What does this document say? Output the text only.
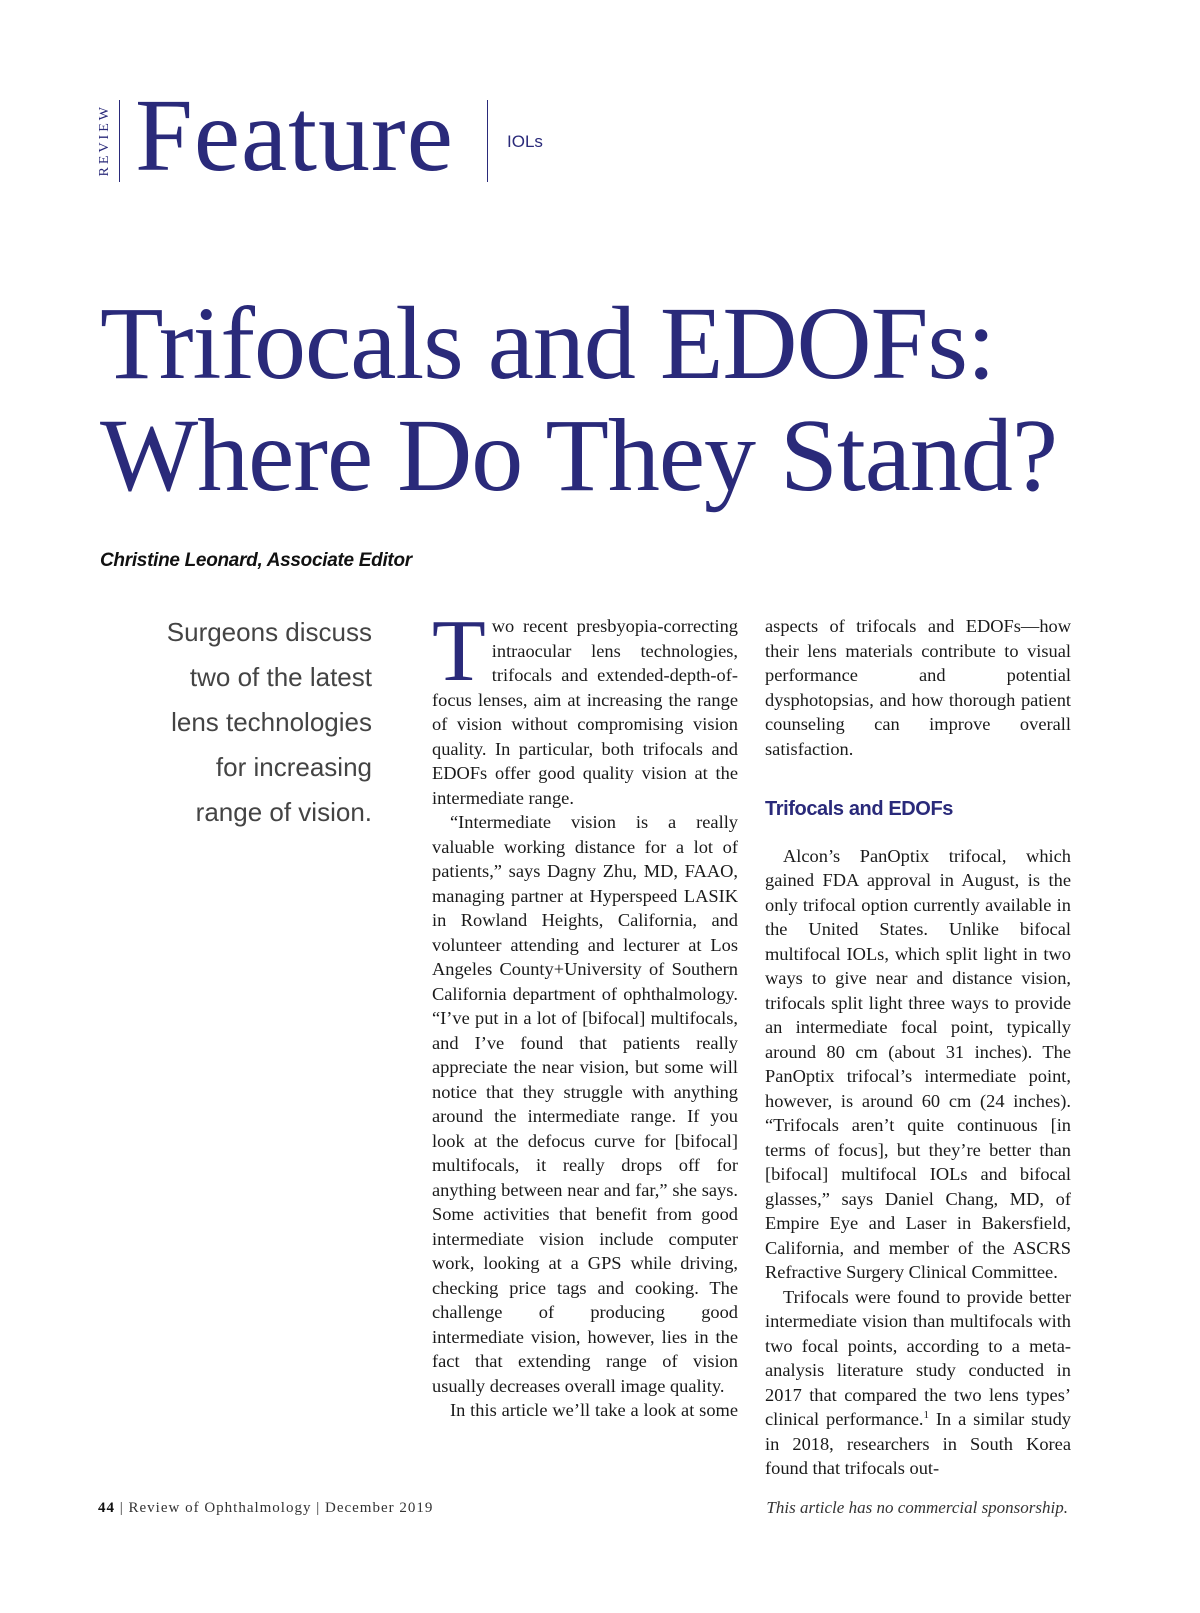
REVIEW Feature	IOLs
Trifocals and EDOFs:
Where Do They Stand?
Christine Leonard, Associate Editor
Surgeons discuss
two of the latest
lens technologies
for increasing
range of vision.

Two recent presbyopia-correcting intraocular lens technologies, trifocals and extended-depth-of-focus lenses, aim at increasing the range of vision without compromising vision quality. In particular, both trifocals and EDOFs offer good quality vision at the intermediate range.

“Intermediate vision is a really valuable working distance for a lot of patients,” says Dagny Zhu, MD, FAAO, managing partner at Hyperspeed LASIK in Rowland Heights, California, and volunteer attending and lecturer at Los Angeles County+University of Southern California department of ophthalmology. “I’ve put in a lot of [bifocal] multifocals, and I’ve found that patients really appreciate the near vision, but some will notice that they struggle with anything around the intermediate range. If you look at the defocus curve for [bifocal] multifocals, it really drops off for anything between near and far,” she says. Some activities that benefit from good intermediate vision include computer work, looking at a GPS while driving, checking price tags and cooking. The challenge of producing good intermediate vision, however, lies in the fact that extending range of vision usually decreases overall image quality.

In this article we’ll take a look at some

aspects of trifocals and EDOFs—how their lens materials contribute to visual performance and potential dysphotopsias, and how thorough patient counseling can improve overall satisfaction.

Trifocals and EDOFs

Alcon’s PanOptix trifocal, which gained FDA approval in August, is the only trifocal option currently available in the United States. Unlike bifocal multifocal IOLs, which split light in two ways to give near and distance vision, trifocals split light three ways to provide an intermediate focal point, typically around 80 cm (about 31 inches). The PanOptix trifocal’s intermediate point, however, is around 60 cm (24 inches). “Trifocals aren’t quite continuous [in terms of focus], but they’re better than [bifocal] multifocal IOLs and bifocal glasses,” says Daniel Chang, MD, of Empire Eye and Laser in Bakersfield, California, and member of the ASCRS Refractive Surgery Clinical Committee.

Trifocals were found to provide better intermediate vision than multifocals with two focal points, according to a meta-analysis literature study conducted in 2017 that compared the two lens types’ clinical performance.$^1$ In a similar study in 2018, researchers in South Korea found that trifocals out-

44 | Review of Ophthalmology | December 2019	This article has no commercial sponsorship.
